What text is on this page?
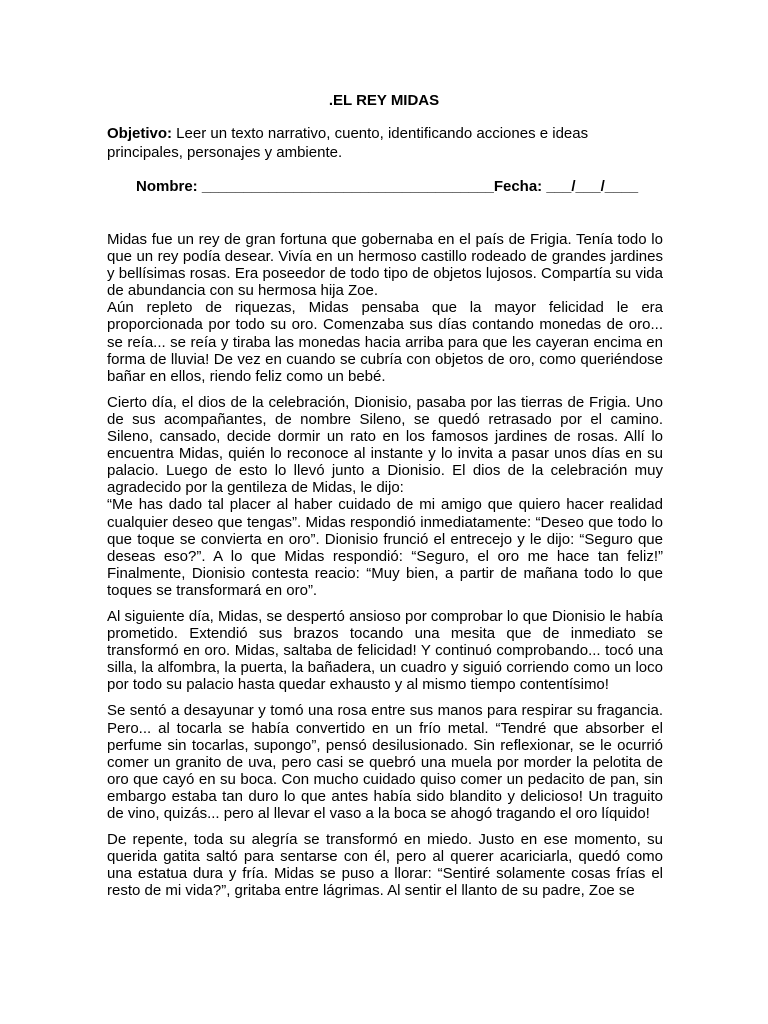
.EL REY MIDAS
Objetivo: Leer un texto narrativo, cuento, identificando acciones e ideas principales, personajes y ambiente.
Nombre: ___________________________________Fecha: ___/___/____

Midas fue un rey de gran fortuna que gobernaba en el país de Frigia. Tenía todo lo que un rey podía desear. Vivía en un hermoso castillo rodeado de grandes jardines y bellísimas rosas. Era poseedor de todo tipo de objetos lujosos. Compartía su vida de abundancia con su hermosa hija Zoe.

Aún repleto de riquezas, Midas pensaba que la mayor felicidad le era proporcionada por todo su oro. Comenzaba sus días contando monedas de oro... se reía... se reía y tiraba las monedas hacia arriba para que les cayeran encima en forma de lluvia! De vez en cuando se cubría con objetos de oro, como queriéndose bañar en ellos, riendo feliz como un bebé.

Cierto día, el dios de la celebración, Dionisio, pasaba por las tierras de Frigia. Uno de sus acompañantes, de nombre Sileno, se quedó retrasado por el camino. Sileno, cansado, decide dormir un rato en los famosos jardines de rosas. Allí lo encuentra Midas, quién lo reconoce al instante y lo invita a pasar unos días en su palacio. Luego de esto lo llevó junto a Dionisio. El dios de la celebración muy agradecido por la gentileza de Midas, le dijo:

“Me has dado tal placer al haber cuidado de mi amigo que quiero hacer realidad cualquier deseo que tengas”. Midas respondió inmediatamente: “Deseo que todo lo que toque se convierta en oro”. Dionisio frunció el entrecejo y le dijo: “Seguro que deseas eso?”. A lo que Midas respondió: “Seguro, el oro me hace tan feliz!” Finalmente, Dionisio contesta reacio: “Muy bien, a partir de mañana todo lo que toques se transformará en oro”.

Al siguiente día, Midas, se despertó ansioso por comprobar lo que Dionisio le había prometido. Extendió sus brazos tocando una mesita que de inmediato se transformó en oro. Midas, saltaba de felicidad! Y continuó comprobando... tocó una silla, la alfombra, la puerta, la bañadera, un cuadro y siguió corriendo como un loco por todo su palacio hasta quedar exhausto y al mismo tiempo contentísimo!

Se sentó a desayunar y tomó una rosa entre sus manos para respirar su fragancia. Pero... al tocarla se había convertido en un frío metal. “Tendré que absorber el perfume sin tocarlas, supongo”, pensó desilusionado. Sin reflexionar, se le ocurrió comer un granito de uva, pero casi se quebró una muela por morder la pelotita de oro que cayó en su boca. Con mucho cuidado quiso comer un pedacito de pan, sin embargo estaba tan duro lo que antes había sido blandito y delicioso! Un traguito de vino, quizás... pero al llevar el vaso a la boca se ahogó tragando el oro líquido!

De repente, toda su alegría se transformó en miedo. Justo en ese momento, su querida gatita saltó para sentarse con él, pero al querer acariciarla, quedó como una estatua dura y fría. Midas se puso a llorar: “Sentiré solamente cosas frías el resto de mi vida?”, gritaba entre lágrimas. Al sentir el llanto de su padre, Zoe se
